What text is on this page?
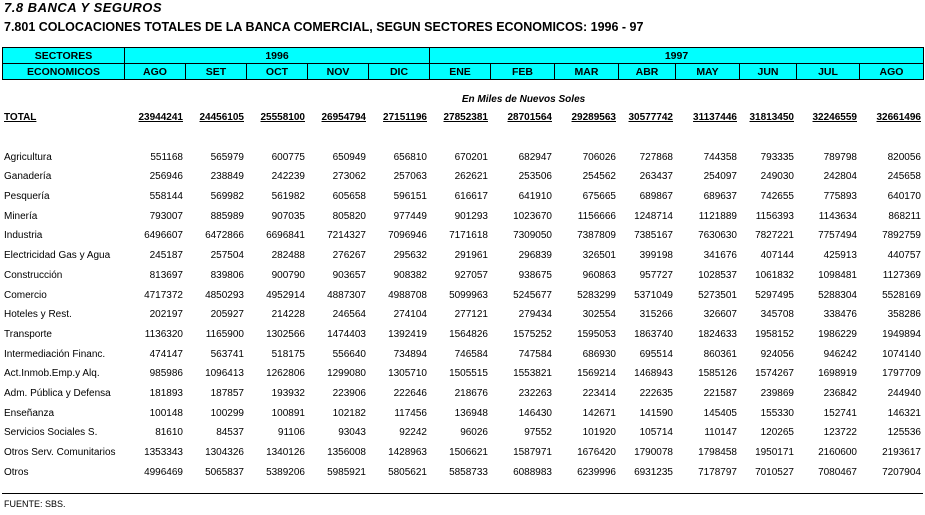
7.8 BANCA Y SEGUROS
7.801 COLOCACIONES TOTALES DE LA BANCA COMERCIAL, SEGUN SECTORES ECONOMICOS: 1996 - 97
SECTORES	1996					1997							
ECONOMICOS	AGO	SET	OCT	NOV	DIC	ENE	FEB	MAR	ABR	MAY	JUN	JUL	AGO
	En Miles de Nuevos Soles												
TOTAL	23944241	24456105	25558100	26954794	27151196	27852381	28701564	29289563	30577742	31137446	31813450	32246559	32661496

Agricultura	551168	565979	600775	650949	656810	670201	682947	706026	727868	744358	793335	789798	820056
Ganadería	256946	238849	242239	273062	257063	262621	253506	254562	263437	254097	249030	242804	245658
Pesquería	558144	569982	561982	605658	596151	616617	641910	675665	689867	689637	742655	775893	640170
Minería	793007	885989	907035	805820	977449	901293	1023670	1156666	1248714	1121889	1156393	1143634	868211
Industria	6496607	6472866	6696841	7214327	7096946	7171618	7309050	7387809	7385167	7630630	7827221	7757494	7892759
Electricidad Gas y Agua	245187	257504	282488	276267	295632	291961	296839	326501	399198	341676	407144	425913	440757
Construcción	813697	839806	900790	903657	908382	927057	938675	960863	957727	1028537	1061832	1098481	1127369
Comercio	4717372	4850293	4952914	4887307	4988708	5099963	5245677	5283299	5371049	5273501	5297495	5288304	5528169
Hoteles y Rest.	202197	205927	214228	246564	274104	277121	279434	302554	315266	326607	345708	338476	358286
Transporte	1136320	1165900	1302566	1474403	1392419	1564826	1575252	1595053	1863740	1824633	1958152	1986229	1949894
Intermediación Financ.	474147	563741	518175	556640	734894	746584	747584	686930	695514	860361	924056	946242	1074140
Act.Inmob.Emp.y Alq.	985986	1096413	1262806	1299080	1305710	1505515	1553821	1569214	1468943	1585126	1574267	1698919	1797709
Adm. Pública y Defensa	181893	187857	193932	223906	222646	218676	232263	223414	222635	221587	239869	236842	244940
Enseñanza	100148	100299	100891	102182	117456	136948	146430	142671	141590	145405	155330	152741	146321
Servicios Sociales S.	81610	84537	91106	93043	92242	96026	97552	101920	105714	110147	120265	123722	125536
Otros Serv. Comunitarios	1353343	1304326	1340126	1356008	1428963	1506621	1587971	1676420	1790078	1798458	1950171	2160600	2193617
Otros	4996469	5065837	5389206	5985921	5805621	5858733	6088983	6239996	6931235	7178797	7010527	7080467	7207904
FUENTE: SBS.
